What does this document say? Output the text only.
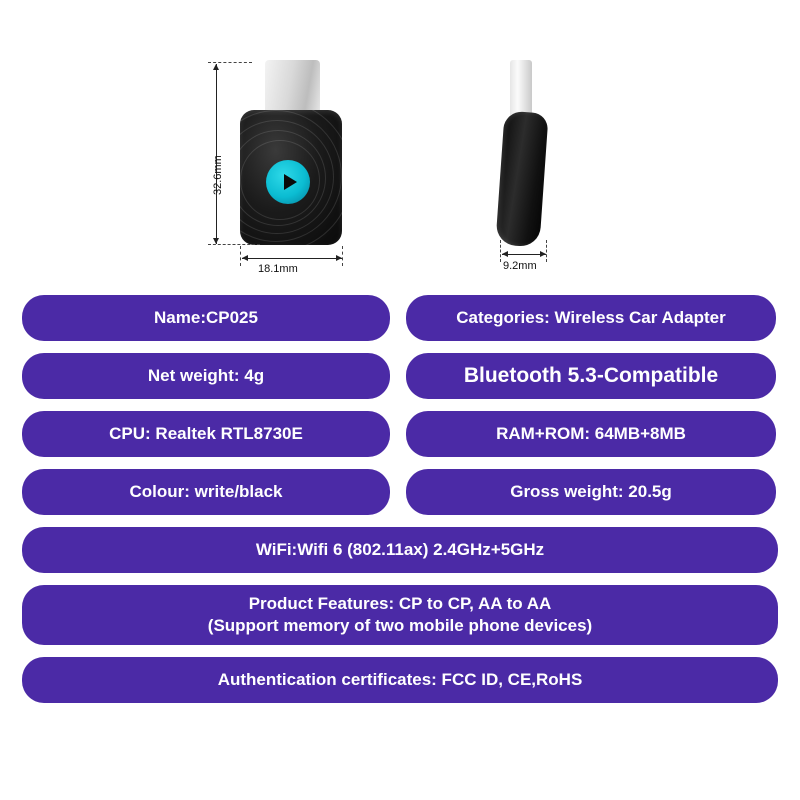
32.6mm
18.1mm	9.2mm
Name:CP025	Categories: Wireless Car Adapter
Net weight: 4g	Bluetooth 5.3-Compatible
CPU: Realtek RTL8730E	RAM+ROM: 64MB+8MB
Colour: write/black	Gross weight: 20.5g
WiFi:Wifi 6 (802.11ax) 2.4GHz+5GHz
Product Features: CP to CP, AA to AA
(Support memory of two mobile phone devices)
Authentication certificates: FCC ID, CE,RoHS
